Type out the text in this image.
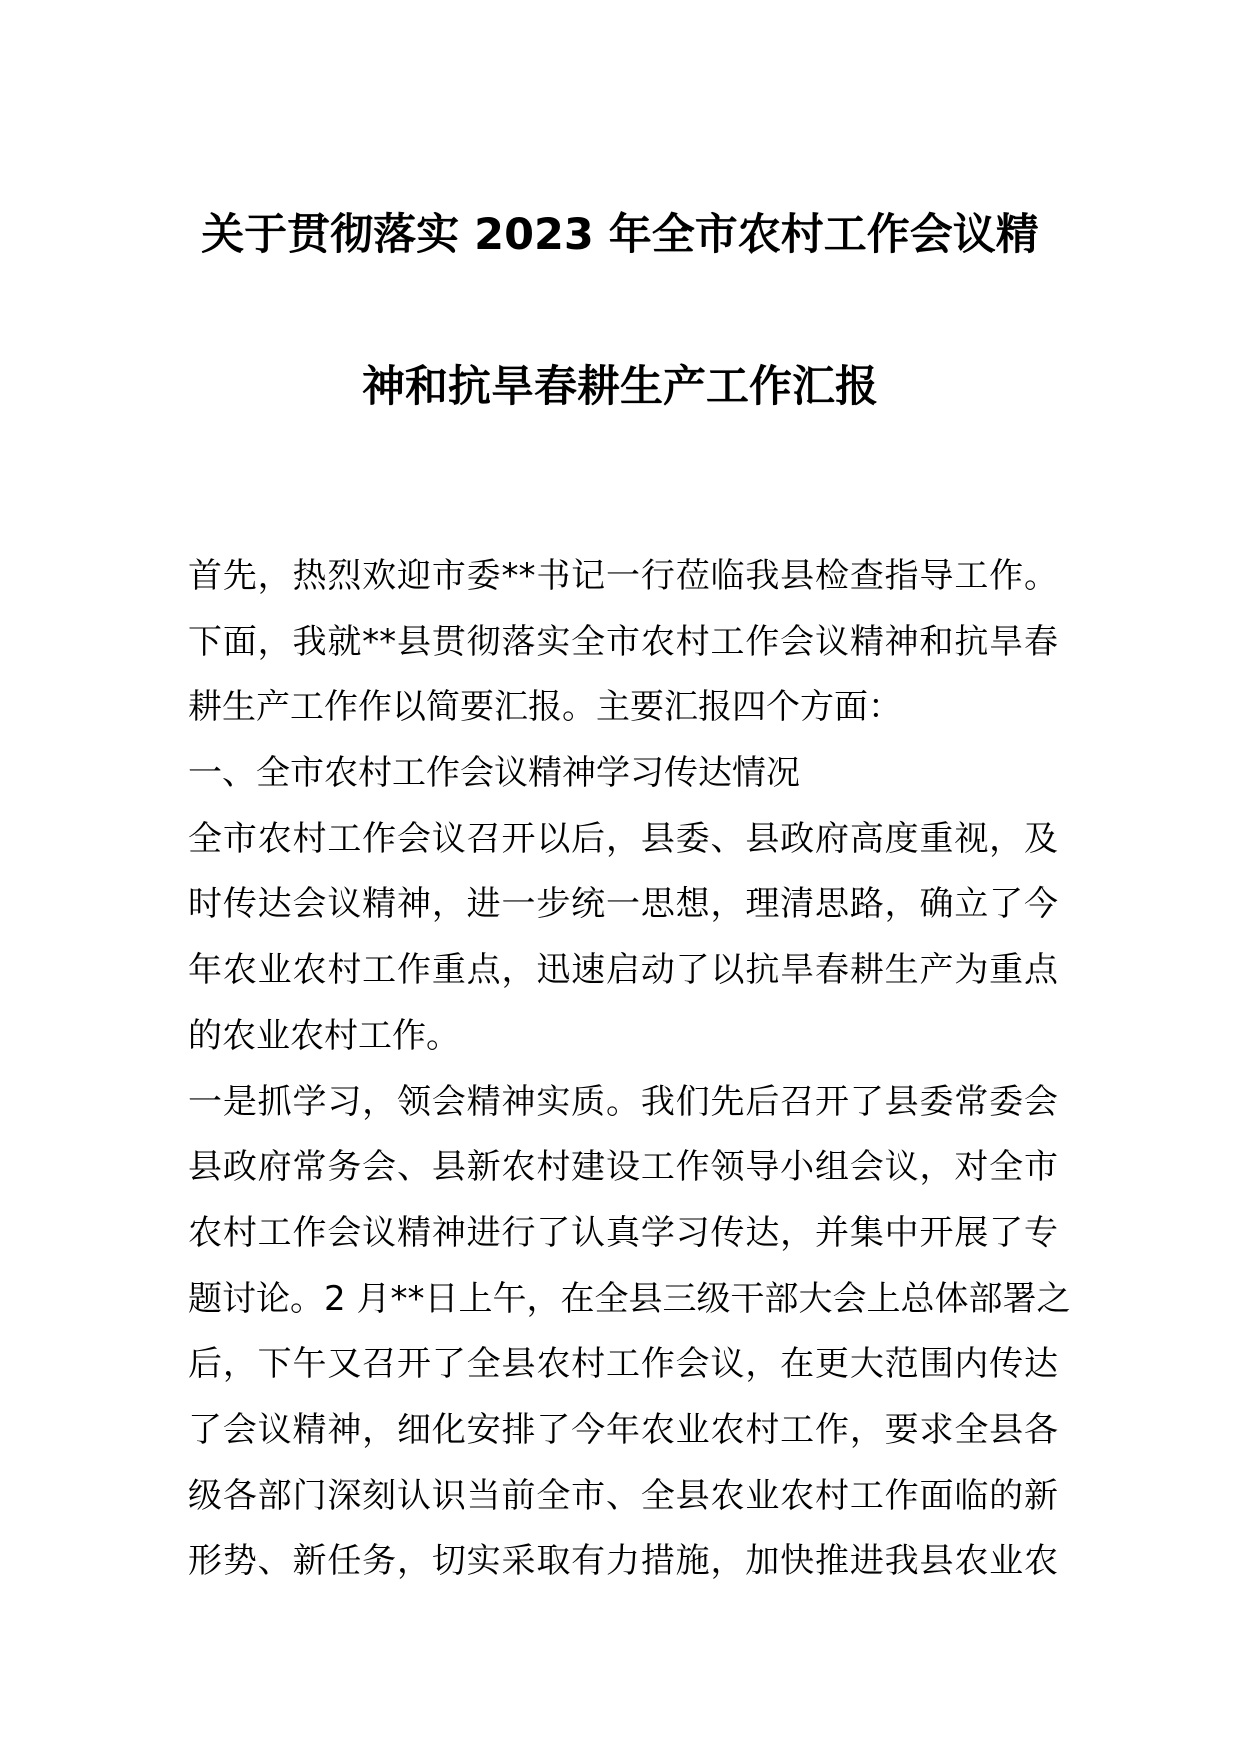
关于贯彻落实 2023 年全市农村工作会议精
神和抗旱春耕生产工作汇报
首先，热烈欢迎市委**书记一行莅临我县检查指导工作。
下面，我就**县贯彻落实全市农村工作会议精神和抗旱春
耕生产工作作以简要汇报。主要汇报四个方面：
一、全市农村工作会议精神学习传达情况
全市农村工作会议召开以后，县委、县政府高度重视，及
时传达会议精神，进一步统一思想，理清思路，确立了今
年农业农村工作重点，迅速启动了以抗旱春耕生产为重点
的农业农村工作。
一是抓学习，领会精神实质。我们先后召开了县委常委会
县政府常务会、县新农村建设工作领导小组会议，对全市
农村工作会议精神进行了认真学习传达，并集中开展了专
题讨论。2 月**日上午，在全县三级干部大会上总体部署之
后，下午又召开了全县农村工作会议，在更大范围内传达
了会议精神，细化安排了今年农业农村工作，要求全县各
级各部门深刻认识当前全市、全县农业农村工作面临的新
形势、新任务，切实采取有力措施，加快推进我县农业农
